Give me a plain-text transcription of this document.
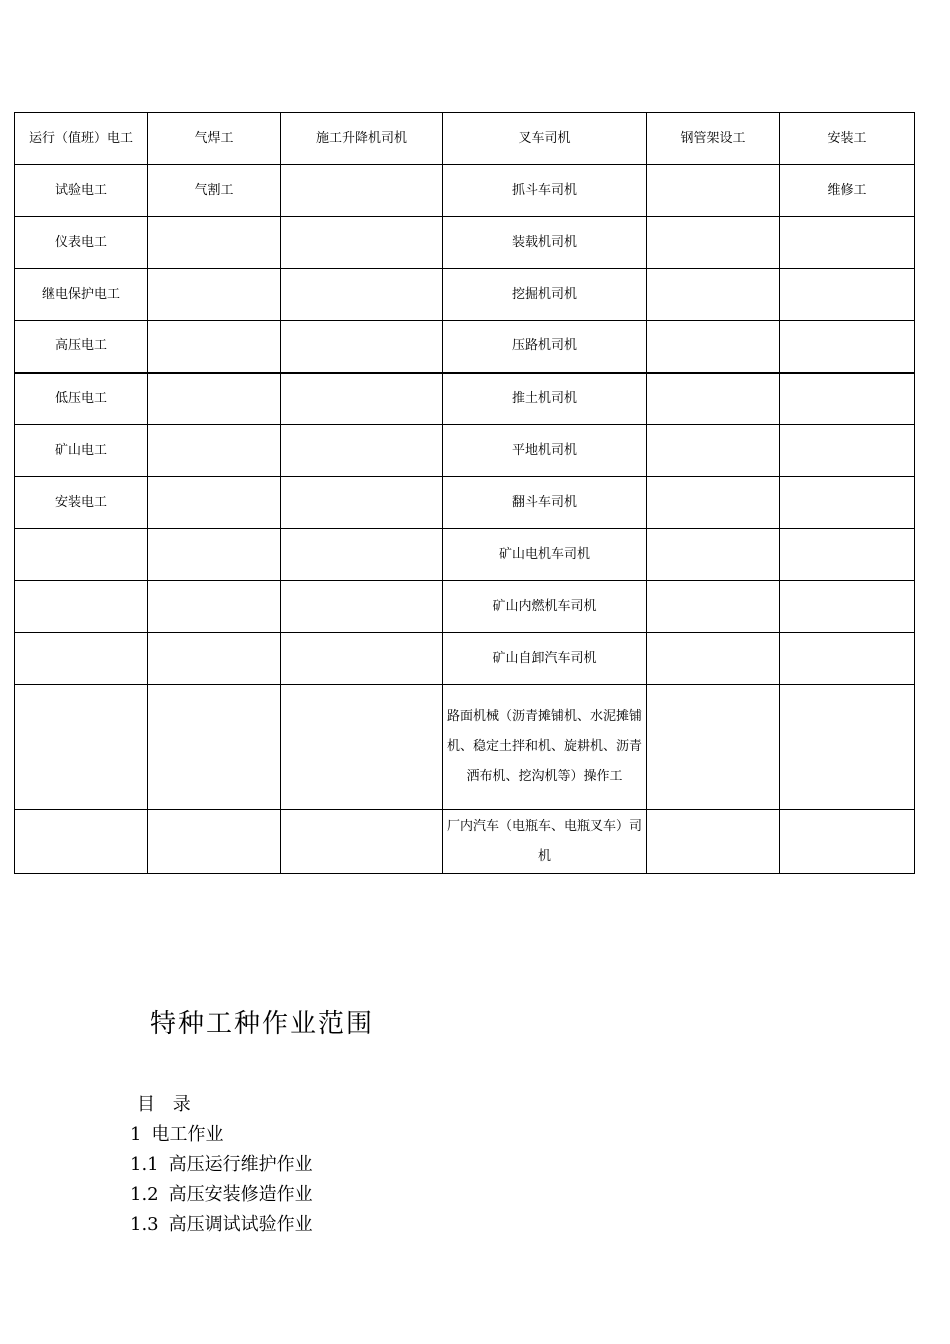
运行（值班）电工	气焊工	施工升降机司机	叉车司机	钢管架设工	安装工
试验电工	气割工		抓斗车司机		维修工
仪表电工			装载机司机		
继电保护电工			挖掘机司机		
高压电工			压路机司机		
低压电工			推土机司机		
矿山电工			平地机司机		
安装电工			翻斗车司机		
			矿山电机车司机		
			矿山内燃机车司机		
			矿山自卸汽车司机		
			路面机械（沥青摊铺机、水泥摊铺机、稳定土拌和机、旋耕机、沥青洒布机、挖沟机等）操作工		
			厂内汽车（电瓶车、电瓶叉车）司机		
特种工种作业范围
目 录
1 电工作业
1.1 高压运行维护作业
1.2 高压安装修造作业
1.3 高压调试试验作业
